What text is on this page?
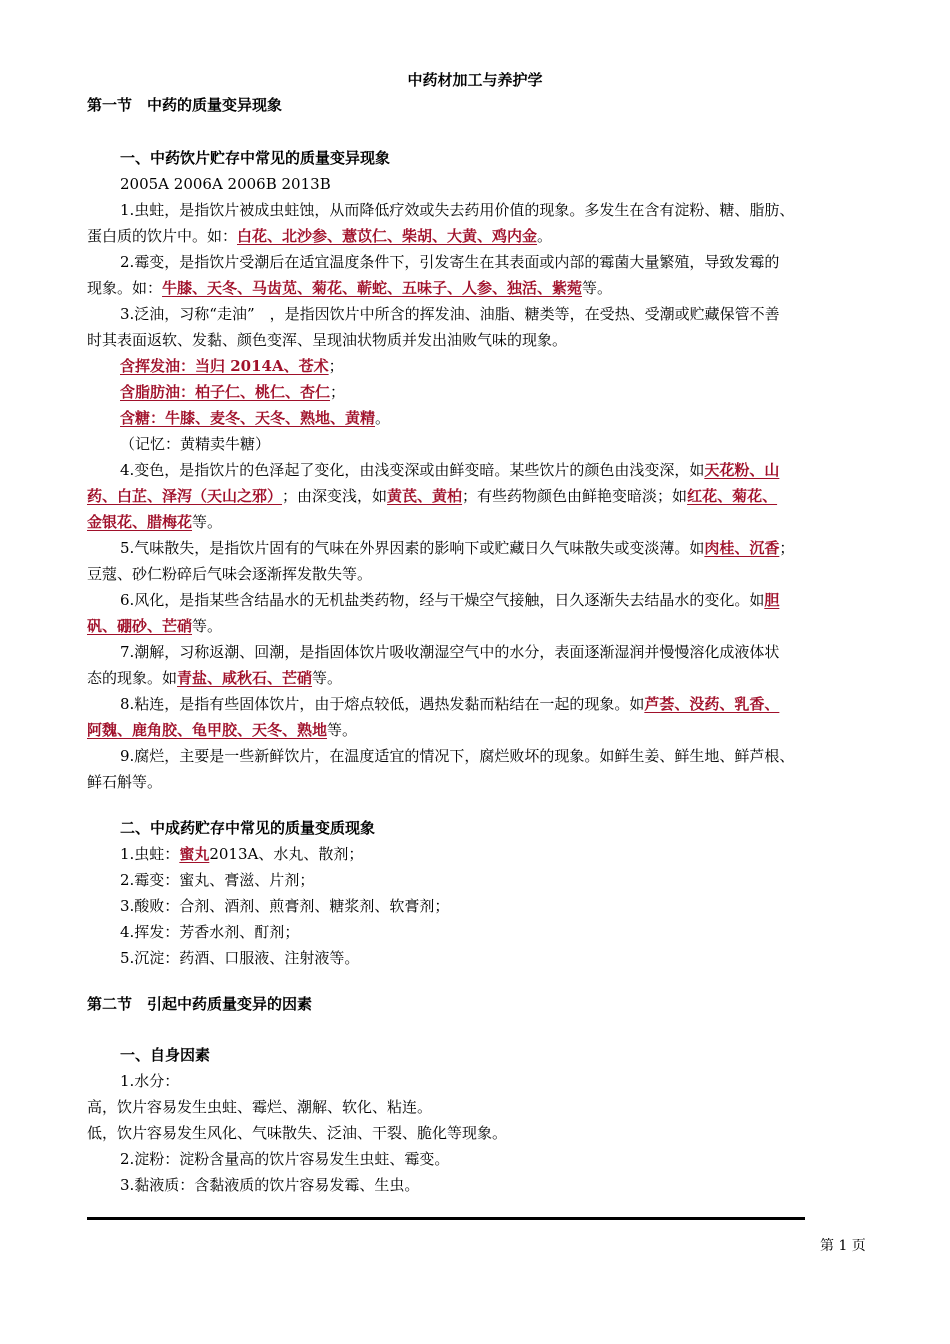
中药材加工与养护学
第一节　中药的质量变异现象
一、中药饮片贮存中常见的质量变异现象
2005A 2006A 2006B 2013B
1.虫蛀，是指饮片被成虫蛀蚀，从而降低疗效或失去药用价值的现象。多发生在含有淀粉、糖、脂肪、
蛋白质的饮片中。如：白花、北沙参、薏苡仁、柴胡、大黄、鸡内金。
2.霉变，是指饮片受潮后在适宜温度条件下，引发寄生在其表面或内部的霉菌大量繁殖，导致发霉的
现象。如：牛膝、天冬、马齿苋、菊花、蕲蛇、五味子、人参、独活、紫菀等。
3.泛油，习称“走油”　，是指因饮片中所含的挥发油、油脂、糖类等，在受热、受潮或贮藏保管不善
时其表面返软、发黏、颜色变浑、呈现油状物质并发出油败气味的现象。
含挥发油：当归 2014A、苍术；
含脂肪油：柏子仁、桃仁、杏仁；
含糖：牛膝、麦冬、天冬、熟地、黄精。
（记忆：黄精卖牛糖）
4.变色，是指饮片的色泽起了变化，由浅变深或由鲜变暗。某些饮片的颜色由浅变深，如天花粉、山
药、白芷、泽泻（天山之邪）；由深变浅，如黄芪、黄柏；有些药物颜色由鲜艳变暗淡；如红花、菊花、
金银花、腊梅花等。
5.气味散失，是指饮片固有的气味在外界因素的影响下或贮藏日久气味散失或变淡薄。如肉桂、沉香；
豆蔻、砂仁粉碎后气味会逐渐挥发散失等。
6.风化，是指某些含结晶水的无机盐类药物，经与干燥空气接触，日久逐渐失去结晶水的变化。如胆
矾、硼砂、芒硝等。
7.潮解，习称返潮、回潮，是指固体饮片吸收潮湿空气中的水分，表面逐渐湿润并慢慢溶化成液体状
态的现象。如青盐、咸秋石、芒硝等。
8.粘连，是指有些固体饮片，由于熔点较低，遇热发黏而粘结在一起的现象。如芦荟、没药、乳香、
阿魏、鹿角胶、龟甲胶、天冬、熟地等。
9.腐烂，主要是一些新鲜饮片，在温度适宜的情况下，腐烂败坏的现象。如鲜生姜、鲜生地、鲜芦根、
鲜石斛等。
二、中成药贮存中常见的质量变质现象
1.虫蛀：蜜丸2013A、水丸、散剂；
2.霉变：蜜丸、膏滋、片剂；
3.酸败：合剂、酒剂、煎膏剂、糖浆剂、软膏剂；
4.挥发：芳香水剂、酊剂；
5.沉淀：药酒、口服液、注射液等。
第二节　引起中药质量变异的因素
一、自身因素
1.水分：
高，饮片容易发生虫蛀、霉烂、潮解、软化、粘连。
低，饮片容易发生风化、气味散失、泛油、干裂、脆化等现象。
2.淀粉：淀粉含量高的饮片容易发生虫蛀、霉变。
3.黏液质：含黏液质的饮片容易发霉、生虫。
第 1 页
